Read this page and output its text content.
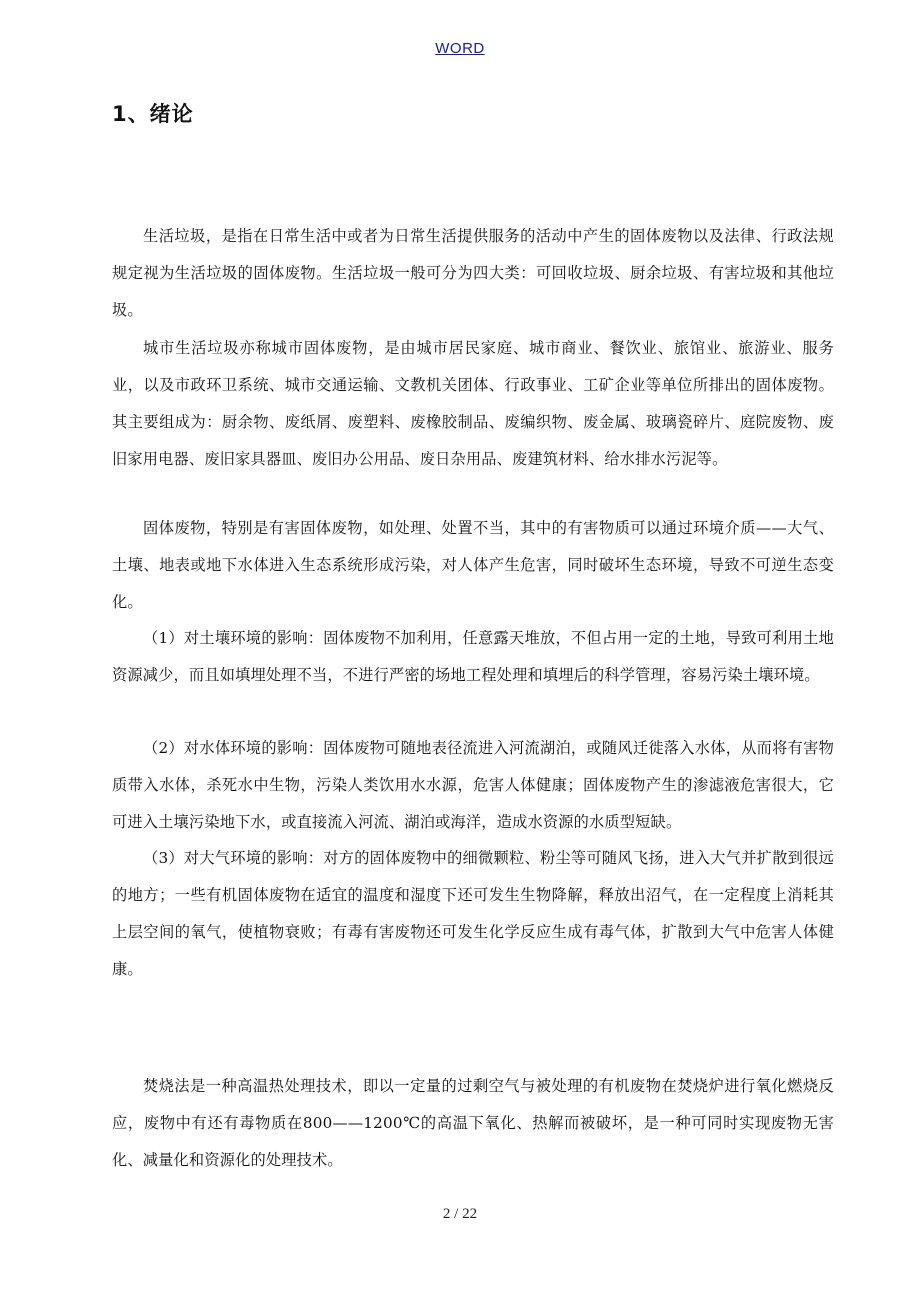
WORD
1、绪论

生活垃圾，是指在日常生活中或者为日常生活提供服务的活动中产生的固体废物以及法律、行政法规规定视为生活垃圾的固体废物。生活垃圾一般可分为四大类：可回收垃圾、厨余垃圾、有害垃圾和其他垃圾。

城市生活垃圾亦称城市固体废物，是由城市居民家庭、城市商业、餐饮业、旅馆业、旅游业、服务业，以及市政环卫系统、城市交通运输、文教机关团体、行政事业、工矿企业等单位所排出的固体废物。其主要组成为：厨余物、废纸屑、废塑料、废橡胶制品、废编织物、废金属、玻璃瓷碎片、庭院废物、废旧家用电器、废旧家具器皿、废旧办公用品、废日杂用品、废建筑材料、给水排水污泥等。

固体废物，特别是有害固体废物，如处理、处置不当，其中的有害物质可以通过环境介质——大气、土壤、地表或地下水体进入生态系统形成污染，对人体产生危害，同时破坏生态环境，导致不可逆生态变化。

（1）对土壤环境的影响：固体废物不加利用，任意露天堆放，不但占用一定的土地，导致可利用土地资源减少，而且如填埋处理不当，不进行严密的场地工程处理和填埋后的科学管理，容易污染土壤环境。

（2）对水体环境的影响：固体废物可随地表径流进入河流湖泊，或随风迁徙落入水体，从而将有害物质带入水体，杀死水中生物，污染人类饮用水水源，危害人体健康；固体废物产生的渗滤液危害很大，它可进入土壤污染地下水，或直接流入河流、湖泊或海洋，造成水资源的水质型短缺。

（3）对大气环境的影响：对方的固体废物中的细微颗粒、粉尘等可随风飞扬，进入大气并扩散到很远的地方；一些有机固体废物在适宜的温度和湿度下还可发生生物降解，释放出沼气，在一定程度上消耗其上层空间的氧气，使植物衰败；有毒有害废物还可发生化学反应生成有毒气体，扩散到大气中危害人体健康。

焚烧法是一种高温热处理技术，即以一定量的过剩空气与被处理的有机废物在焚烧炉进行氧化燃烧反应，废物中有还有毒物质在800——1200℃的高温下氧化、热解而被破坏，是一种可同时实现废物无害化、减量化和资源化的处理技术。

2 / 22
